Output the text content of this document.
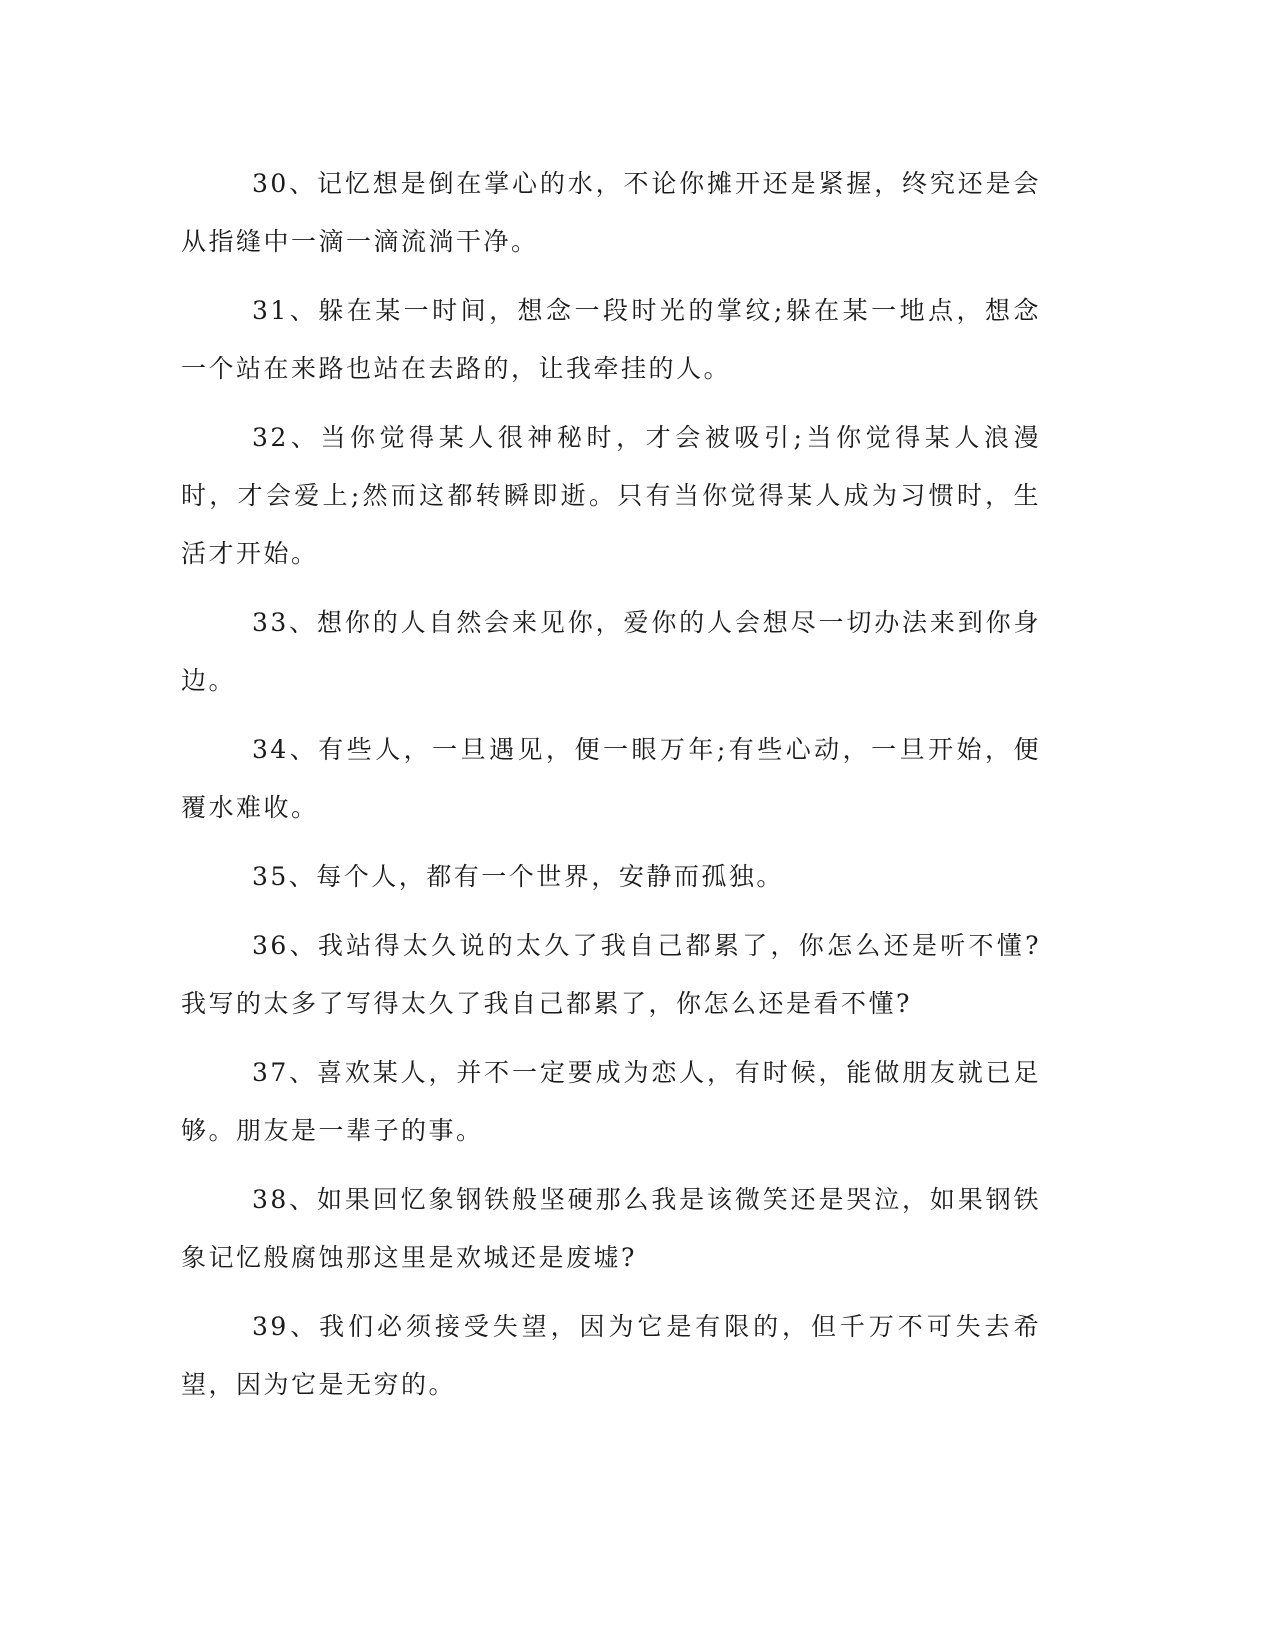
30、记忆想是倒在掌心的水，不论你摊开还是紧握，终究还是会从指缝中一滴一滴流淌干净。

31、躲在某一时间，想念一段时光的掌纹;躲在某一地点，想念一个站在来路也站在去路的，让我牵挂的人。

32、当你觉得某人很神秘时，才会被吸引;当你觉得某人浪漫时，才会爱上;然而这都转瞬即逝。只有当你觉得某人成为习惯时，生活才开始。

33、想你的人自然会来见你，爱你的人会想尽一切办法来到你身边。

34、有些人，一旦遇见，便一眼万年;有些心动，一旦开始，便覆水难收。

35、每个人，都有一个世界，安静而孤独。

36、我站得太久说的太久了我自己都累了，你怎么还是听不懂?我写的太多了写得太久了我自己都累了，你怎么还是看不懂?

37、喜欢某人，并不一定要成为恋人，有时候，能做朋友就已足够。朋友是一辈子的事。

38、如果回忆象钢铁般坚硬那么我是该微笑还是哭泣，如果钢铁象记忆般腐蚀那这里是欢城还是废墟?

39、我们必须接受失望，因为它是有限的，但千万不可失去希望，因为它是无穷的。
